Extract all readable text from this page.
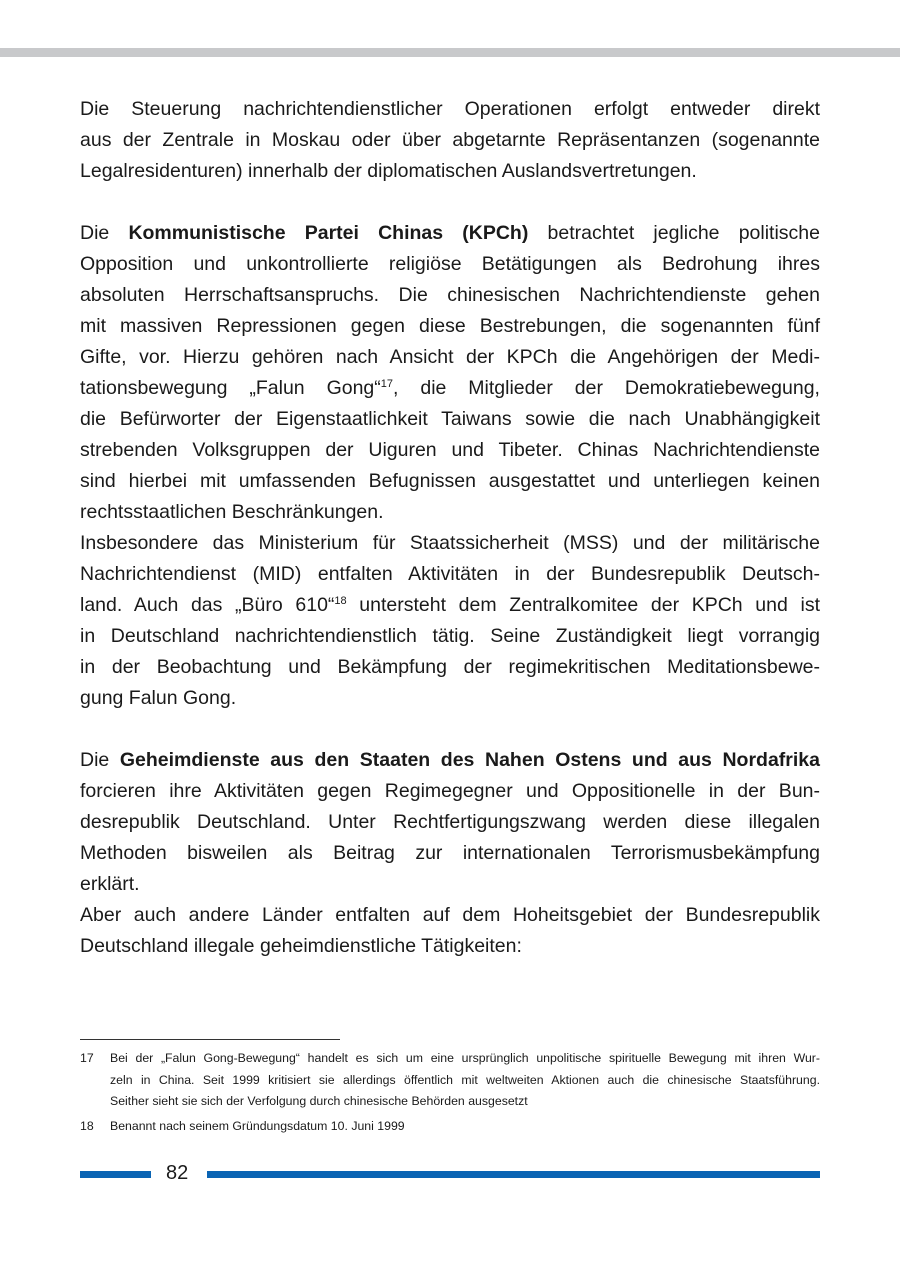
Die Steuerung nachrichtendienstlicher Operationen erfolgt entweder direkt
aus der Zentrale in Moskau oder über abgetarnte Repräsentanzen (sogenannte
Legalresidenturen) innerhalb der diplomatischen Auslandsvertretungen.
Die Kommunistische Partei Chinas (KPCh) betrachtet jegliche politische
Opposition und unkontrollierte religiöse Betätigungen als Bedrohung ihres
absoluten Herrschaftsanspruchs. Die chinesischen Nachrichtendienste gehen
mit massiven Repressionen gegen diese Bestrebungen, die sogenannten fünf
Gifte, vor. Hierzu gehören nach Ansicht der KPCh die Angehörigen der Medi-
tationsbewegung „Falun Gong“$^{17}$, die Mitglieder der Demokratiebewegung,
die Befürworter der Eigenstaatlichkeit Taiwans sowie die nach Unabhängigkeit
strebenden Volksgruppen der Uiguren und Tibeter. Chinas Nachrichtendienste
sind hierbei mit umfassenden Befugnissen ausgestattet und unterliegen keinen
rechtsstaatlichen Beschränkungen.
Insbesondere das Ministerium für Staatssicherheit (MSS) und der militärische
Nachrichtendienst (MID) entfalten Aktivitäten in der Bundesrepublik Deutsch-
land. Auch das „Büro 610“$^{18}$ untersteht dem Zentralkomitee der KPCh und ist
in Deutschland nachrichtendienstlich tätig. Seine Zuständigkeit liegt vorrangig
in der Beobachtung und Bekämpfung der regimekritischen Meditationsbewe-
gung Falun Gong.
Die Geheimdienste aus den Staaten des Nahen Ostens und aus Nordafrika
forcieren ihre Aktivitäten gegen Regimegegner und Oppositionelle in der Bun-
desrepublik Deutschland. Unter Rechtfertigungszwang werden diese illegalen
Methoden bisweilen als Beitrag zur internationalen Terrorismusbekämpfung
erklärt.
Aber auch andere Länder entfalten auf dem Hoheitsgebiet der Bundesrepublik
Deutschland illegale geheimdienstliche Tätigkeiten:
17	Bei der „Falun Gong-Bewegung“ handelt es sich um eine ursprünglich unpolitische spirituelle Bewegung mit ihren Wur-
zeln in China. Seit 1999 kritisiert sie allerdings öffentlich mit weltweiten Aktionen auch die chinesische Staatsführung.
Seither sieht sie sich der Verfolgung durch chinesische Behörden ausgesetzt
18	Benannt nach seinem Gründungsdatum 10. Juni 1999
82
